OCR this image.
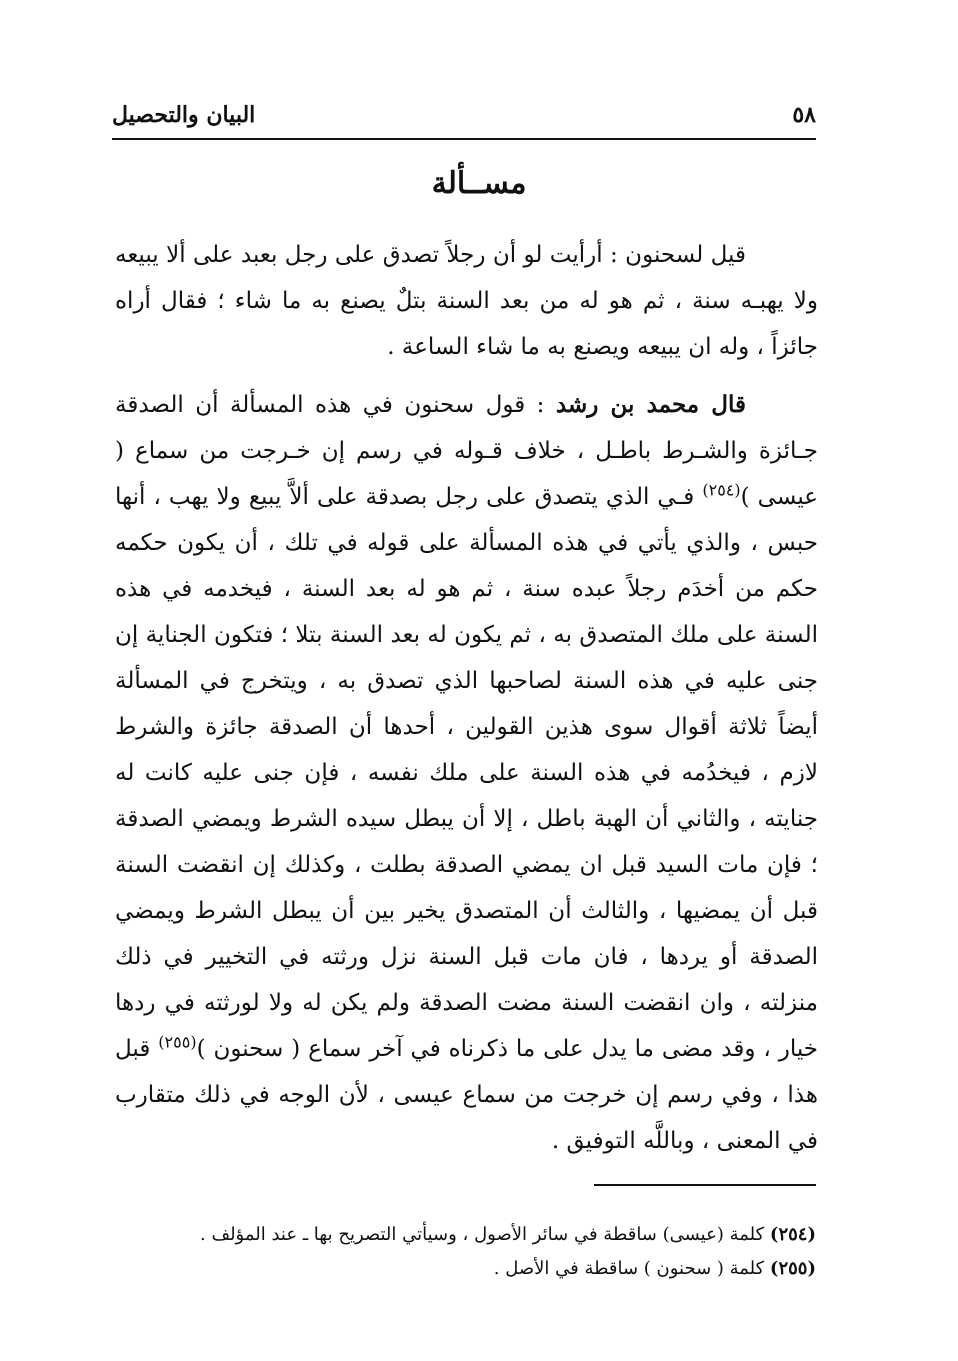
٥٨
البيان والتحصيل
مســألة

قيل لسحنون : أرأيت لو أن رجلاً تصدق على رجل بعبد على ألا يبيعه ولا يهبـه سنة ، ثم هو له من بعد السنة بتلٌ يصنع به ما شاء ؛ فقال أراه جائزاً ، وله ان يبيعه ويصنع به ما شاء الساعة .

قال محمد بن رشد : قول سحنون في هذه المسألة أن الصدقة جـائزة والشـرط باطـل ، خلاف قـوله في رسم إن خـرجت من سماع ( عيسى )$^{(٢٥٤)}$ فـي الذي يتصدق على رجل بصدقة على ألاَّ يبيع ولا يهب ، أنها حبس ، والذي يأتي في هذه المسألة على قوله في تلك ، أن يكون حكمه حكم من أخدَم رجلاً عبده سنة ، ثم هو له بعد السنة ، فيخدمه في هذه السنة على ملك المتصدق به ، ثم يكون له بعد السنة بتلا ؛ فتكون الجناية إن جنى عليه في هذه السنة لصاحبها الذي تصدق به ، ويتخرج في المسألة أيضاً ثلاثة أقوال سوى هذين القولين ، أحدها أن الصدقة جائزة والشرط لازم ، فيخدُمه في هذه السنة على ملك نفسه ، فإن جنى عليه كانت له جنايته ، والثاني أن الهبة باطل ، إلا أن يبطل سيده الشرط ويمضي الصدقة ؛ فإن مات السيد قبل ان يمضي الصدقة بطلت ، وكذلك إن انقضت السنة قبل أن يمضيها ، والثالث أن المتصدق يخير بين أن يبطل الشرط ويمضي الصدقة أو يردها ، فان مات قبل السنة نزل ورثته في التخيير في ذلك منزلته ، وان انقضت السنة مضت الصدقة ولم يكن له ولا لورثته في ردها خيار ، وقد مضى ما يدل على ما ذكرناه في آخر سماع ( سحنون )$^{(٢٥٥)}$ قبل هذا ، وفي رسم إن خرجت من سماع عيسى ، لأن الوجه في ذلك متقارب في المعنى ، وباللَّه التوفيق .

(٢٥٤) كلمة (عيسى) ساقطة في سائر الأصول ، وسيأتي التصريح بها ـ عند المؤلف .

(٢٥٥) كلمة ( سحنون ) ساقطة في الأصل .
